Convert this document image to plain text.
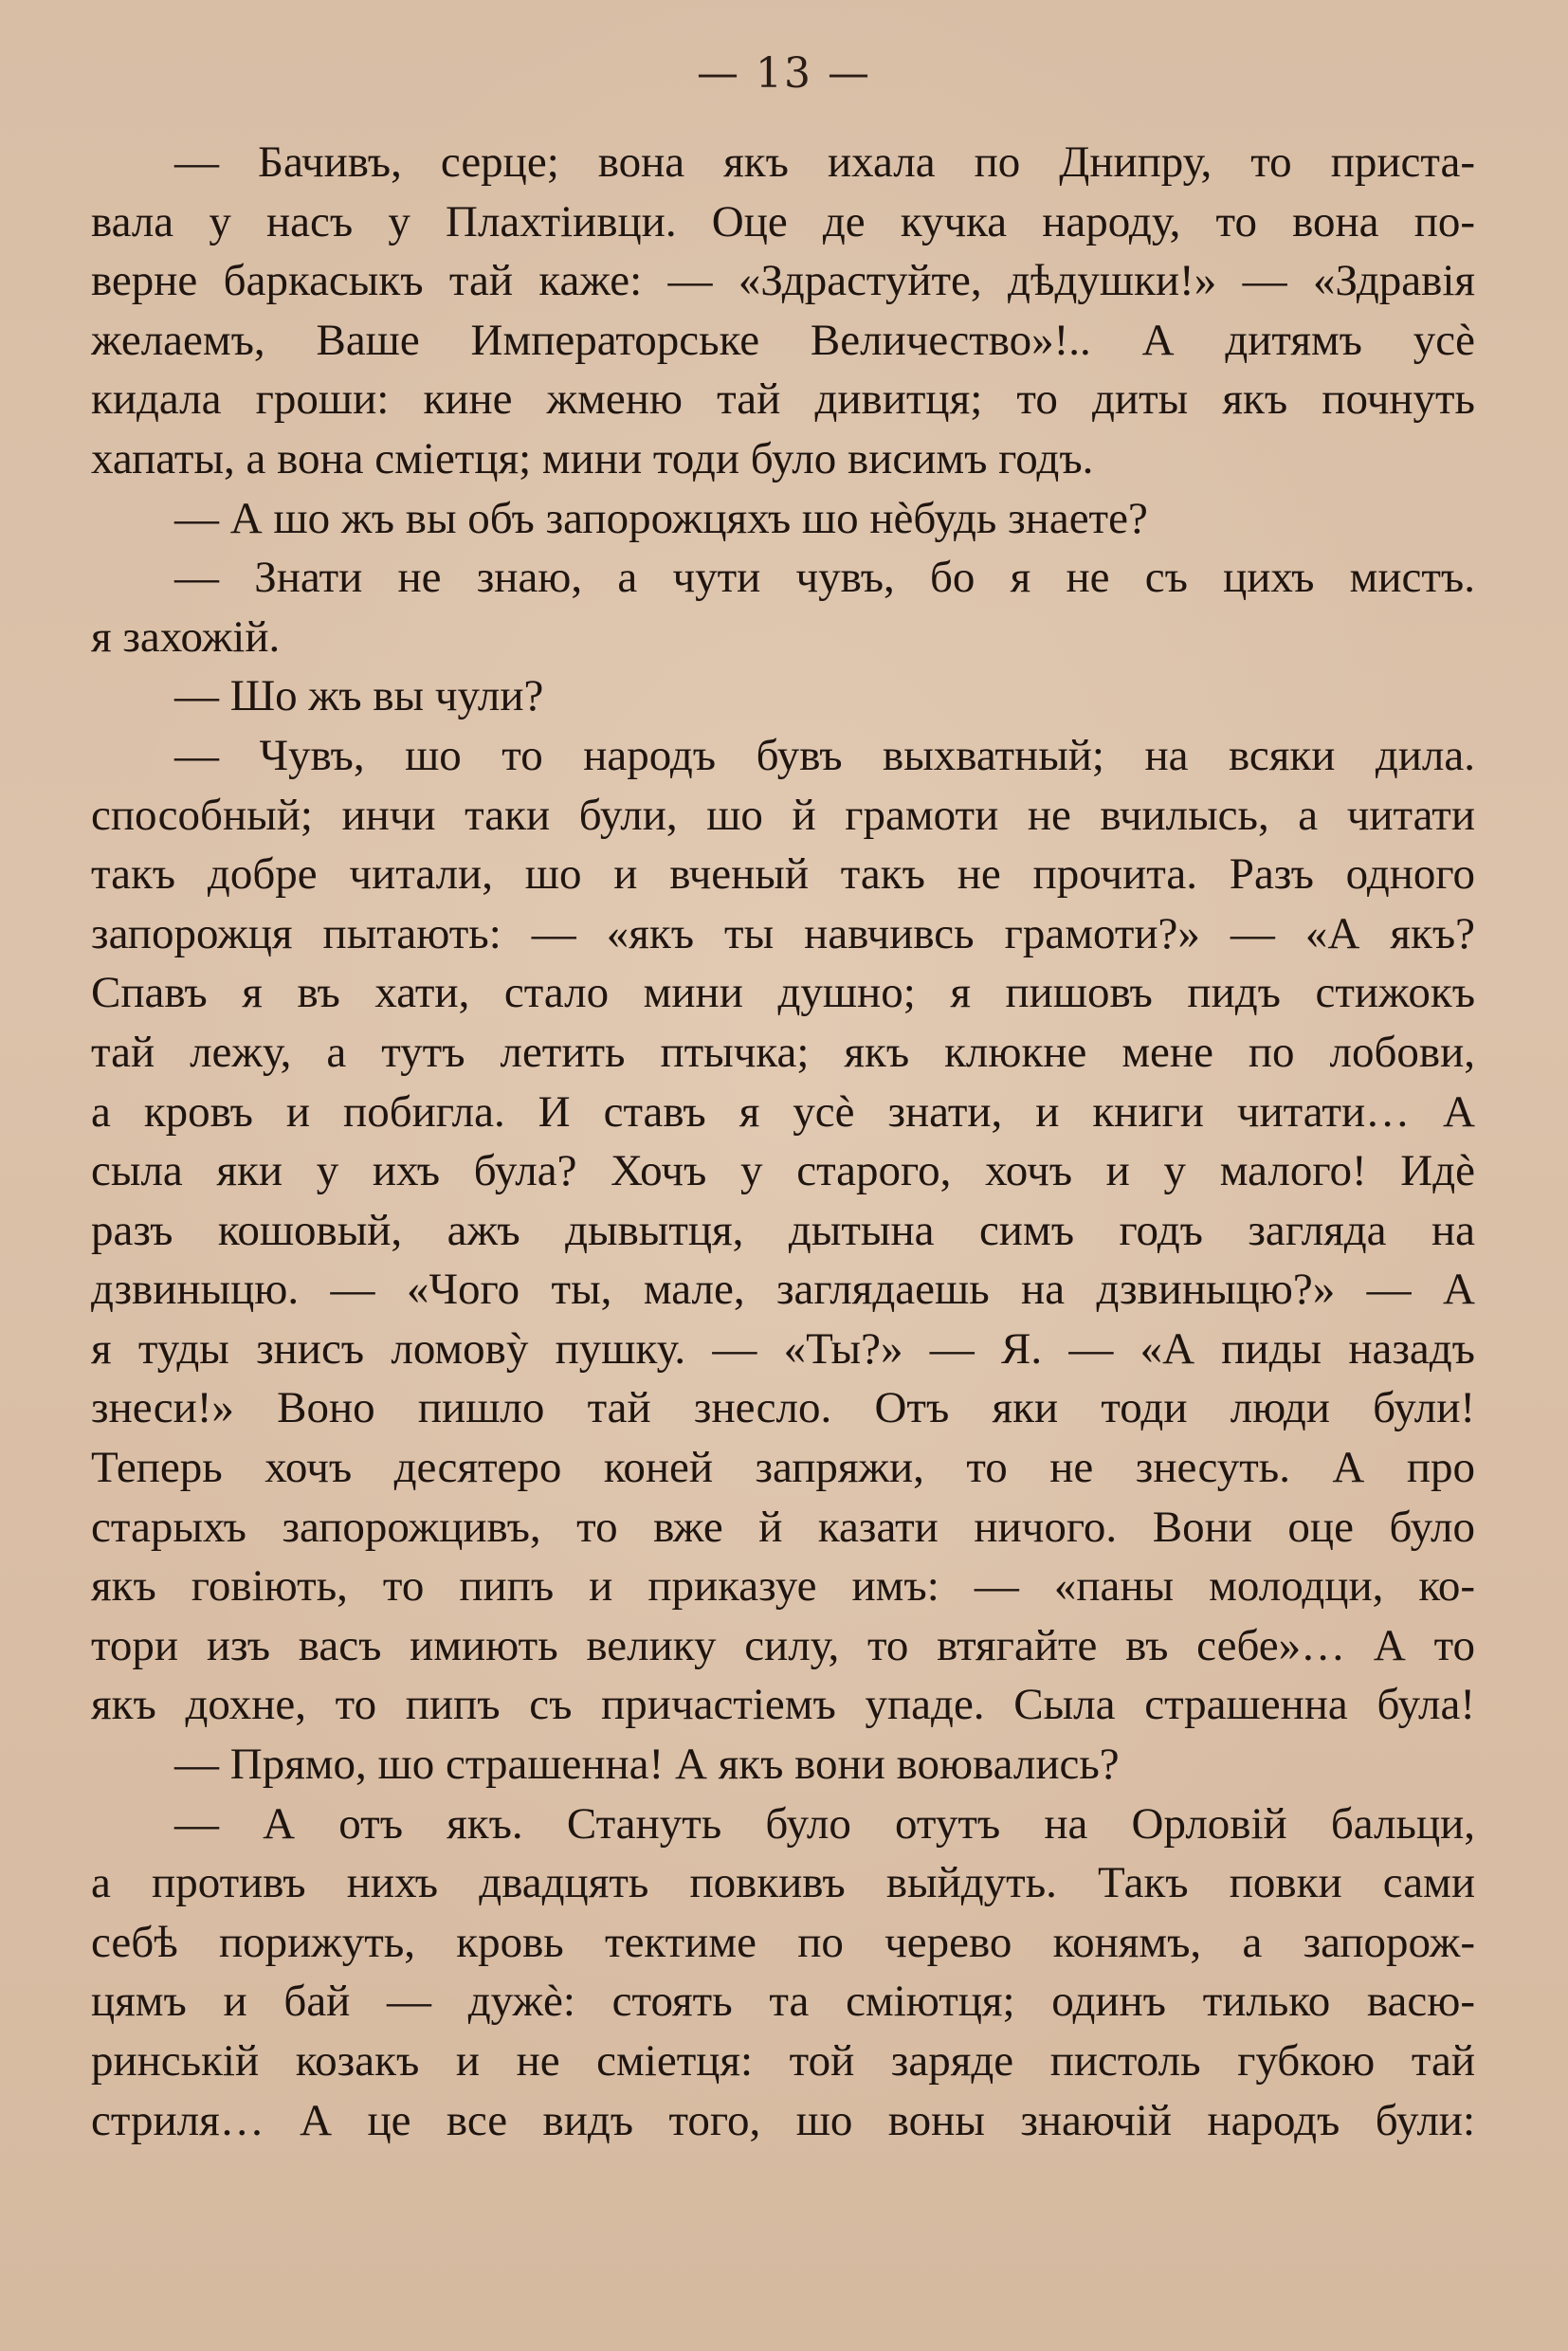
— 13 —
— Бачивъ, серце; вона якъ ихала по Днипру, то приста-
вала у насъ у Плахтіивци. Оце де кучка народу, то вона по-
верне баркасыкъ тай каже: — «Здрастуйте, дѣдушки!» — «Здравія
желаемъ, Ваше Императорське Величество»!.. А дитямъ усѐ
кидала гроши: кине жменю тай дивитця; то диты якъ почнуть
хапаты, а вона сміетця; мини тоди було висимъ годъ.
— А шо жъ вы объ запорожцяхъ шо нѐбудь знаете?
— Знати не знаю, а чути чувъ, бо я не съ цихъ мистъ.
я захожій.
— Шо жъ вы чули?
— Чувъ, шо то народъ бувъ выхватный; на всяки дила.
способный; инчи таки були, шо й грамоти не вчилысь, а читати
такъ добре читали, шо и вченый такъ не прочита. Разъ одного
запорожця пытають: — «якъ ты навчивсь грамоти?» — «А якъ?
Спавъ я въ хати, стало мини душно; я пишовъ пидъ стижокъ
тай лежу, а тутъ летить птычка; якъ клюкне мене по лобови,
а кровъ и побигла. И ставъ я усѐ знати, и книги читати… А
сыла яки у ихъ була? Хочъ у старого, хочъ и у малого! Идѐ
разъ кошовый, ажъ дывытця, дытына симъ годъ загляда на
дзвиныцю. — «Чого ты, мале, заглядаешь на дзвиныцю?» — А
я туды знисъ ломовỳ пушку. — «Ты?» — Я. — «А пиды назадъ
знеси!» Воно пишло тай знесло. Отъ яки тоди люди були!
Теперь хочъ десятеро коней запряжи, то не знесуть. А про
старыхъ запорожцивъ, то вже й казати ничого. Вони оце було
якъ говіють, то пипъ и приказуе имъ: — «паны молодци, ко-
тори изъ васъ имиють велику силу, то втягайте въ себе»… А то
якъ дохне, то пипъ съ причастіемъ упаде. Сыла страшенна була!
— Прямо, шо страшенна! А якъ вони воювались?
— А отъ якъ. Стануть було отутъ на Орловій бальци,
а противъ нихъ двадцять повкивъ выйдуть. Такъ повки сами
себѣ порижуть, кровь тектиме по черево конямъ, а запорож-
цямъ и бай — дужѐ: стоять та сміютця; одинъ тилько васю-
ринській козакъ и не сміетця: той заряде пистоль губкою тай
стриля… А це все видъ того, шо воны знаючій народъ були:
